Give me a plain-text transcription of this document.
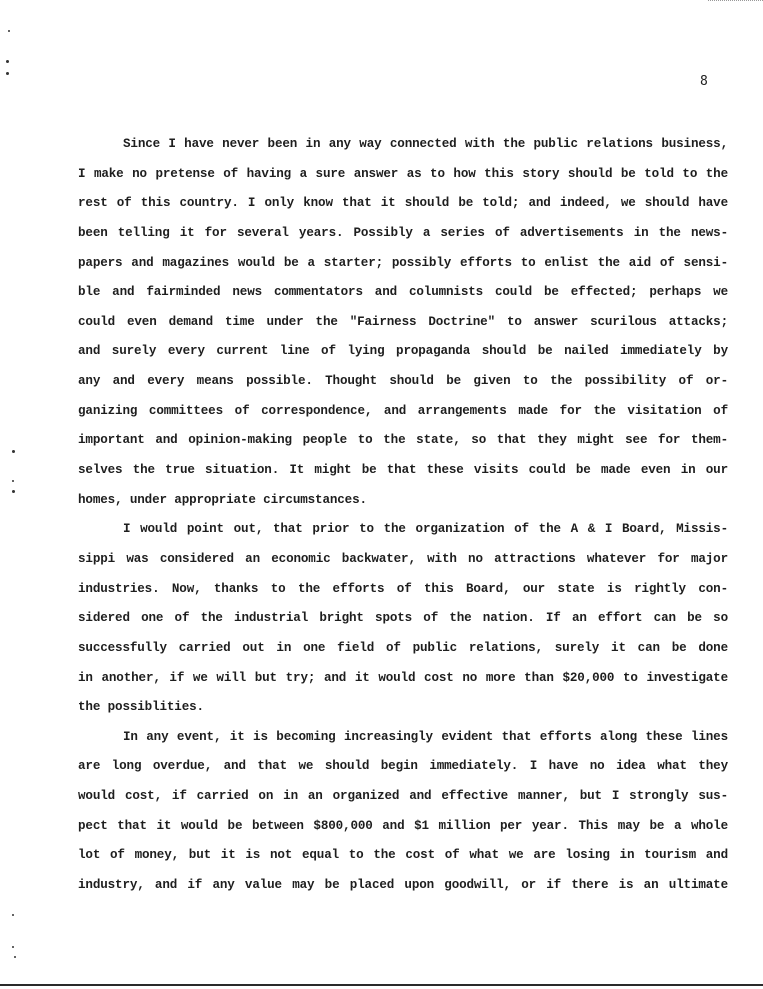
8
Since I have never been in any way connected with the public relations business,
I make no pretense of having a sure answer as to how this story should be told to the
rest of this country. I only know that it should be told; and indeed, we should have
been telling it for several years. Possibly a series of advertisements in the news-
papers and magazines would be a starter; possibly efforts to enlist the aid of sensi-
ble and fairminded news commentators and columnists could be effected; perhaps we
could even demand time under the "Fairness Doctrine" to answer scurilous attacks;
and surely every current line of lying propaganda should be nailed immediately by
any and every means possible. Thought should be given to the possibility of or-
ganizing committees of correspondence, and arrangements made for the visitation of
important and opinion-making people to the state, so that they might see for them-
selves the true situation. It might be that these visits could be made even in our
homes, under appropriate circumstances.
I would point out, that prior to the organization of the A & I Board, Missis-
sippi was considered an economic backwater, with no attractions whatever for major
industries. Now, thanks to the efforts of this Board, our state is rightly con-
sidered one of the industrial bright spots of the nation. If an effort can be so
successfully carried out in one field of public relations, surely it can be done
in another, if we will but try; and it would cost no more than $20,000 to investigate
the possiblities.
In any event, it is becoming increasingly evident that efforts along these lines
are long overdue, and that we should begin immediately. I have no idea what they
would cost, if carried on in an organized and effective manner, but I strongly sus-
pect that it would be between $800,000 and $1 million per year. This may be a whole
lot of money, but it is not equal to the cost of what we are losing in tourism and
industry, and if any value may be placed upon goodwill, or if there is an ultimate
